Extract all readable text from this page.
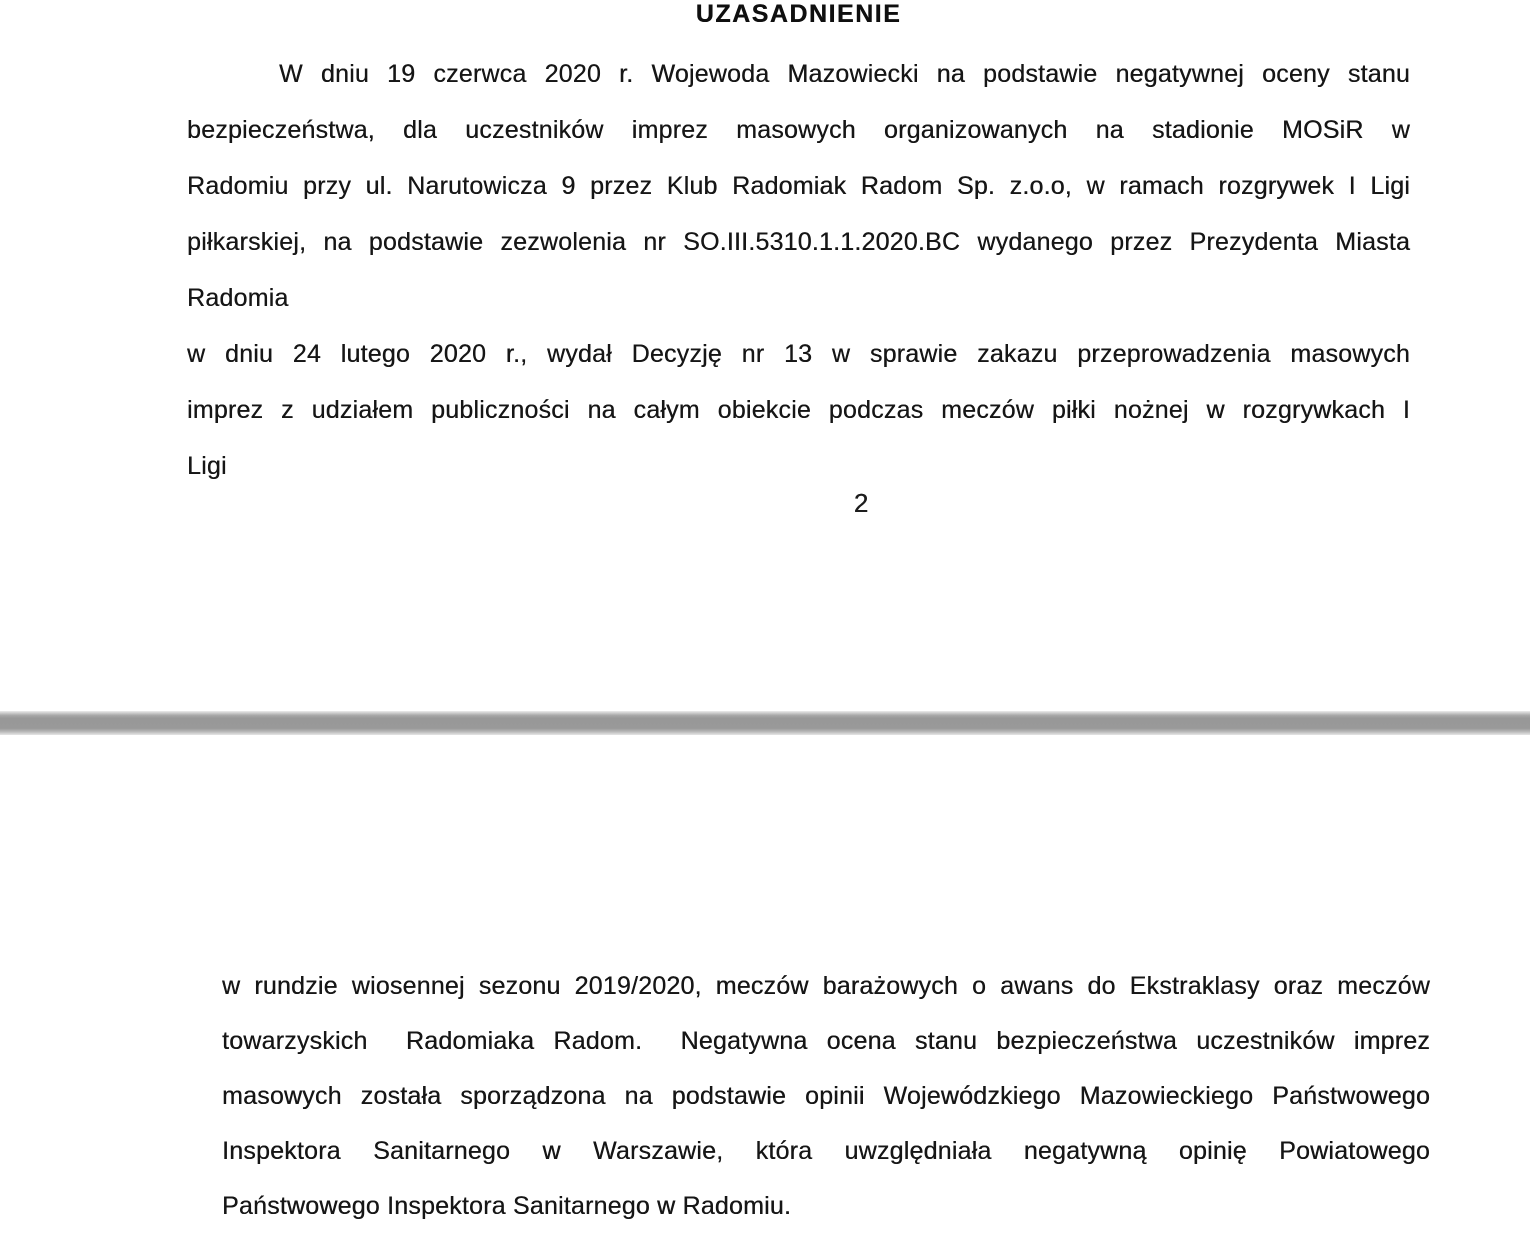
UZASADNIENIE
W dniu 19 czerwca 2020 r. Wojewoda Mazowiecki na podstawie negatywnej oceny stanu
bezpieczeństwa, dla uczestników imprez masowych organizowanych na stadionie MOSiR w
Radomiu przy ul. Narutowicza 9 przez Klub Radomiak Radom Sp. z.o.o, w ramach rozgrywek I Ligi
piłkarskiej, na podstawie zezwolenia nr SO.III.5310.1.1.2020.BC wydanego przez Prezydenta Miasta
Radomia
w dniu 24 lutego 2020 r., wydał Decyzję nr 13 w sprawie zakazu przeprowadzenia masowych
imprez z udziałem publiczności na całym obiekcie podczas meczów piłki nożnej w rozgrywkach I
Ligi
2
w rundzie wiosennej sezonu 2019/2020, meczów barażowych o awans do Ekstraklasy oraz meczów
towarzyskich  Radomiaka Radom.  Negatywna ocena stanu bezpieczeństwa uczestników imprez
masowych została sporządzona na podstawie opinii Wojewódzkiego Mazowieckiego Państwowego
Inspektora Sanitarnego w Warszawie, która uwzględniała negatywną opinię Powiatowego
Państwowego Inspektora Sanitarnego w Radomiu.
